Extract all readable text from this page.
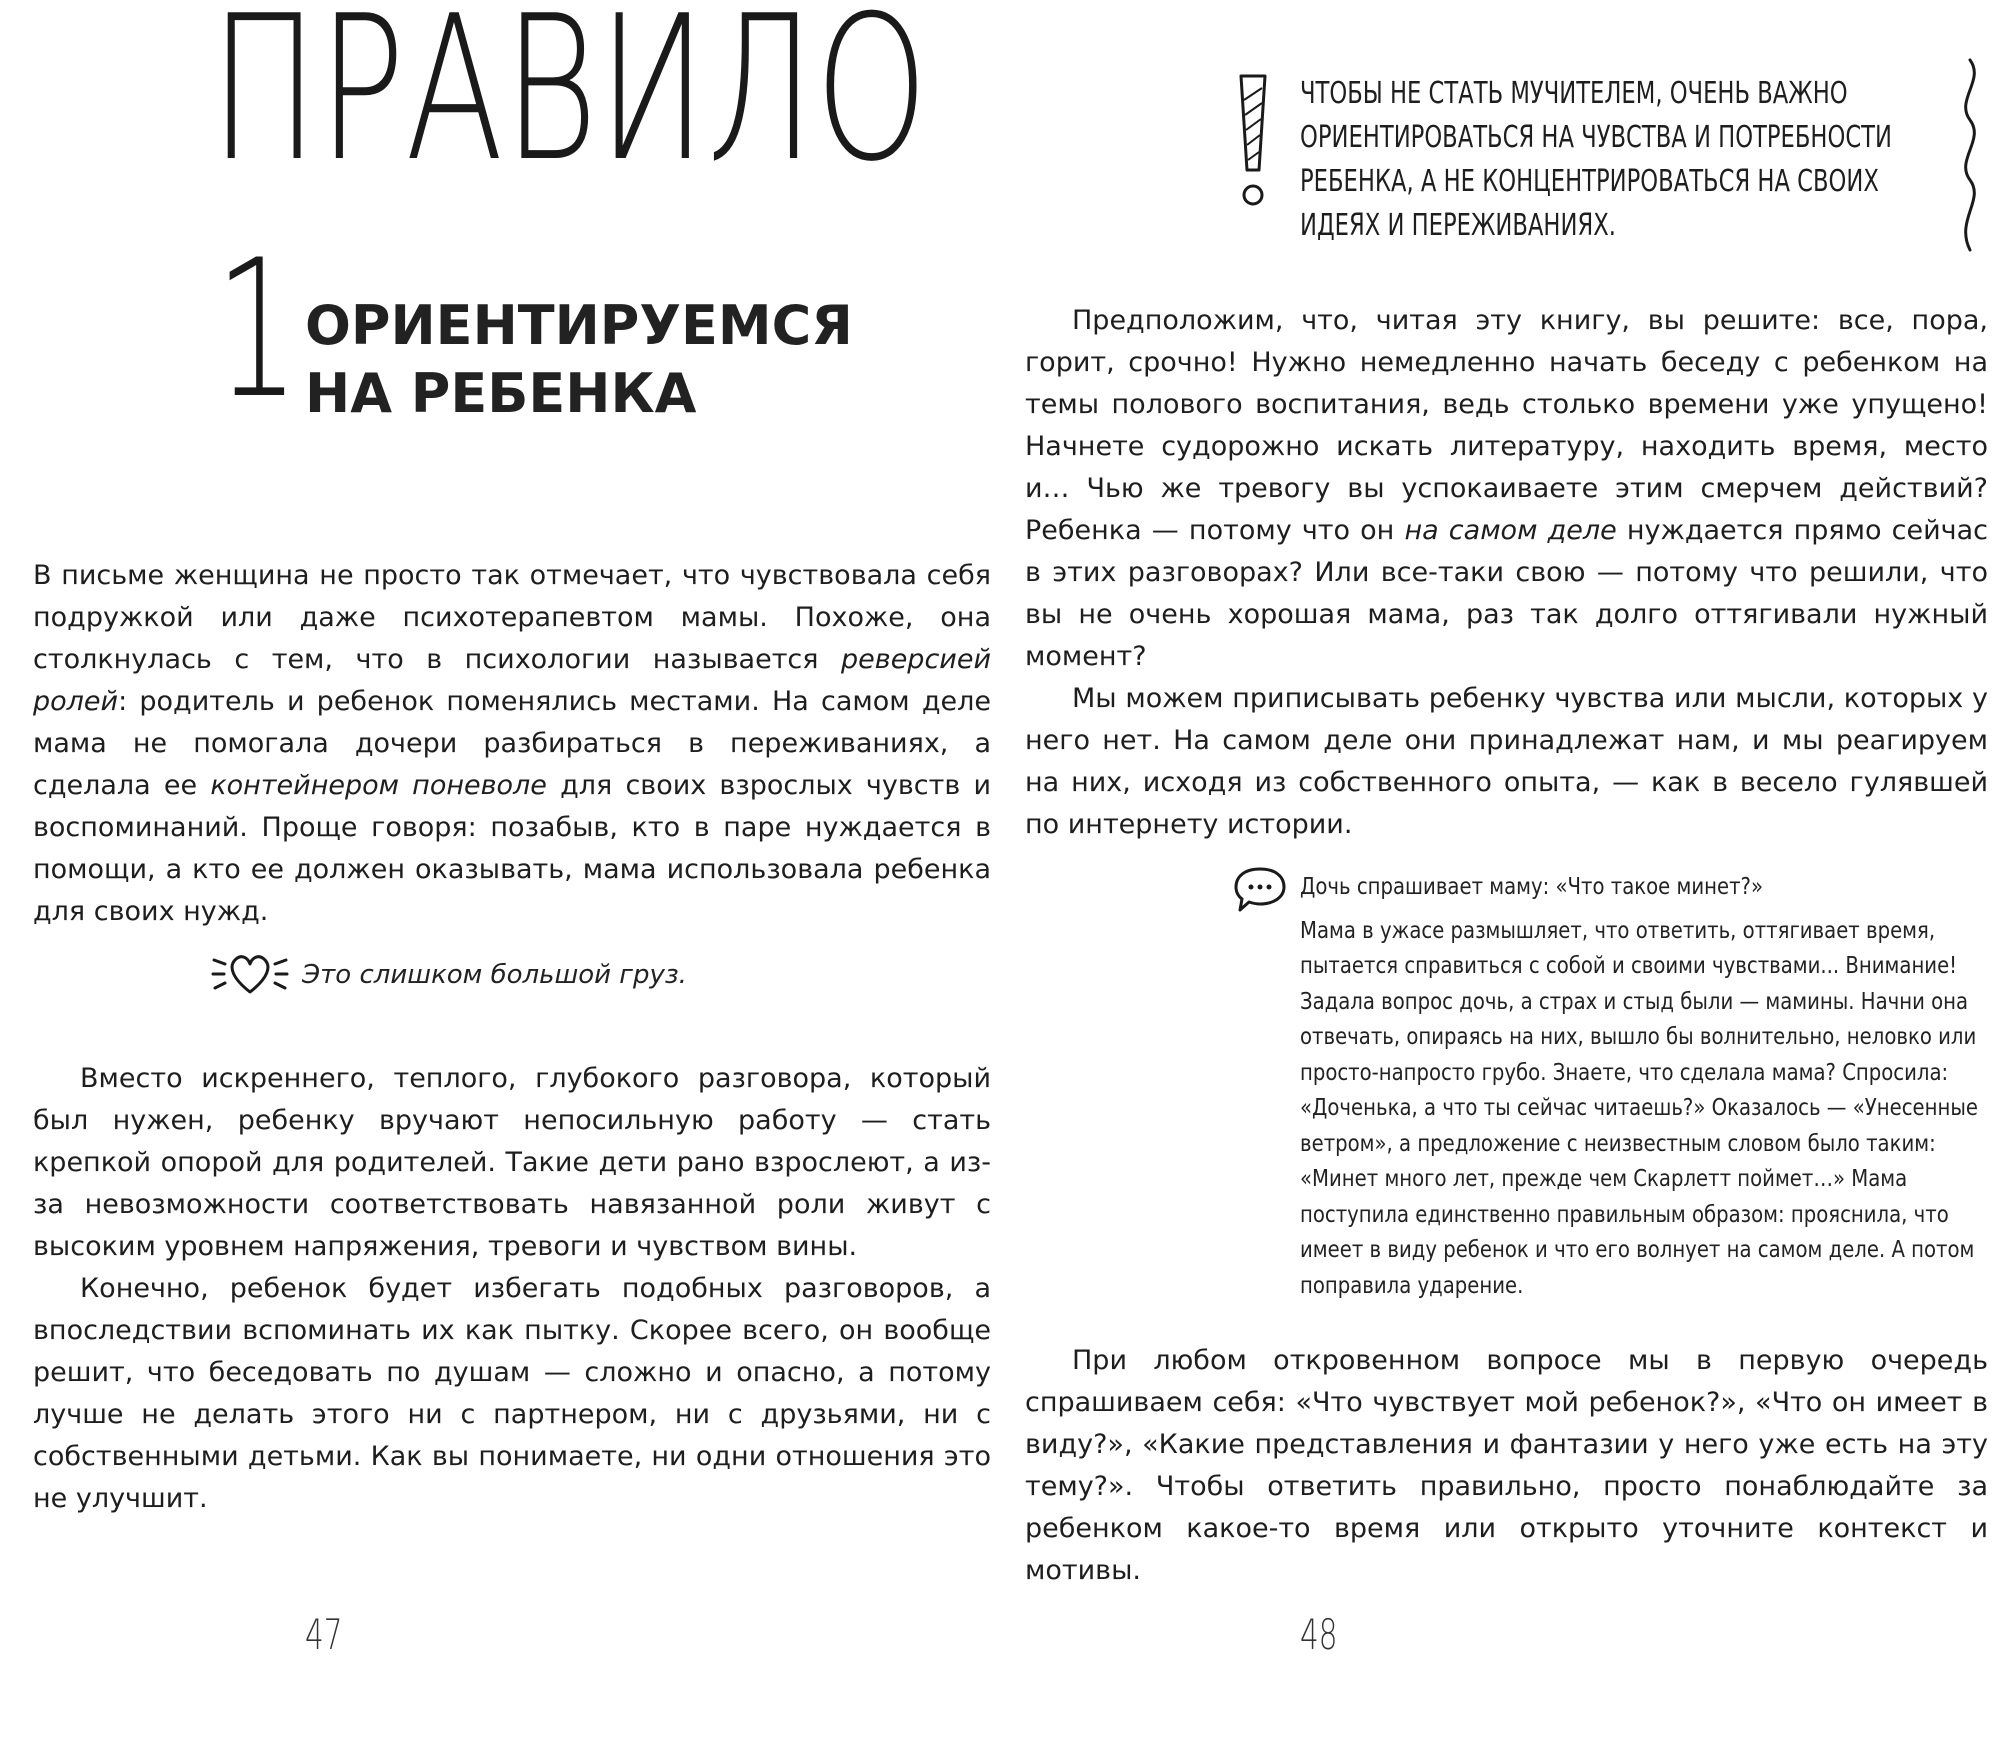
ПРАВИЛО
1 ОРИЕНТИРУЕМСЯ
НА РЕБЕНКА

В письме женщина не просто так отмечает, что чувствовала себя подружкой или даже психотерапевтом мамы. Похоже, она столкнулась с тем, что в психологии называется реверсией ролей: родитель и ребенок поменялись местами. На самом деле мама не помогала дочери разбираться в переживаниях, а сделала ее контейнером поневоле для своих взрослых чувств и воспоминаний. Проще говоря: позабыв, кто в паре нуждается в помощи, а кто ее должен оказывать, мама использовала ребенка для своих нужд.

Это слишком большой груз.

Вместо искреннего, теплого, глубокого разговора, который был нужен, ребенку вручают непосильную работу — стать крепкой опорой для родителей. Такие дети рано взрослеют, а из-за невозможности соответствовать навязанной роли живут с высоким уровнем напряжения, тревоги и чувством вины.

Конечно, ребенок будет избегать подобных разговоров, а впоследствии вспоминать их как пытку. Скорее всего, он вообще решит, что беседовать по душам — сложно и опасно, а потому лучше не делать этого ни с партнером, ни с друзьями, ни с собственными детьми. Как вы понимаете, ни одни отношения это не улучшит.

47
ЧТОБЫ НЕ СТАТЬ МУЧИТЕЛЕМ, ОЧЕНЬ ВАЖНО
ОРИЕНТИРОВАТЬСЯ НА ЧУВСТВА И ПОТРЕБНОСТИ
РЕБЕНКА, А НЕ КОНЦЕНТРИРОВАТЬСЯ НА СВОИХ
ИДЕЯХ И ПЕРЕЖИВАНИЯХ.

Предположим, что, читая эту книгу, вы решите: все, пора, горит, срочно! Нужно немедленно начать беседу с ребенком на темы полового воспитания, ведь столько времени уже упущено! Начнете судорожно искать литературу, находить время, место и… Чью же тревогу вы успокаиваете этим смерчем действий? Ребенка — потому что он на самом деле нуждается прямо сейчас в этих разговорах? Или все-таки свою — потому что решили, что вы не очень хорошая мама, раз так долго оттягивали нужный момент?

Мы можем приписывать ребенку чувства или мысли, которых у него нет. На самом деле они принадлежат нам, и мы реагируем на них, исходя из собственного опыта, — как в весело гулявшей по интернету истории.

Дочь спрашивает маму: «Что такое минет?»
Мама в ужасе размышляет, что ответить, оттягивает время,
пытается справиться с собой и своими чувствами... Внимание!
Задала вопрос дочь, а страх и стыд были — мамины. Начни она
отвечать, опираясь на них, вышло бы волнительно, неловко или
просто-напросто грубо. Знаете, что сделала мама? Спросила:
«Доченька, а что ты сейчас читаешь?» Оказалось — «Унесенные
ветром», а предложение с неизвестным словом было таким:
«Минет много лет, прежде чем Скарлетт поймет…» Мама
поступила единственно правильным образом: прояснила, что
имеет в виду ребенок и что его волнует на самом деле. А потом
поправила ударение.

При любом откровенном вопросе мы в первую очередь спрашиваем себя: «Что чувствует мой ребенок?», «Что он имеет в виду?», «Какие представления и фантазии у него уже есть на эту тему?». Чтобы ответить правильно, просто понаблюдайте за ребенком какое-то время или открыто уточните контекст и мотивы.

48
